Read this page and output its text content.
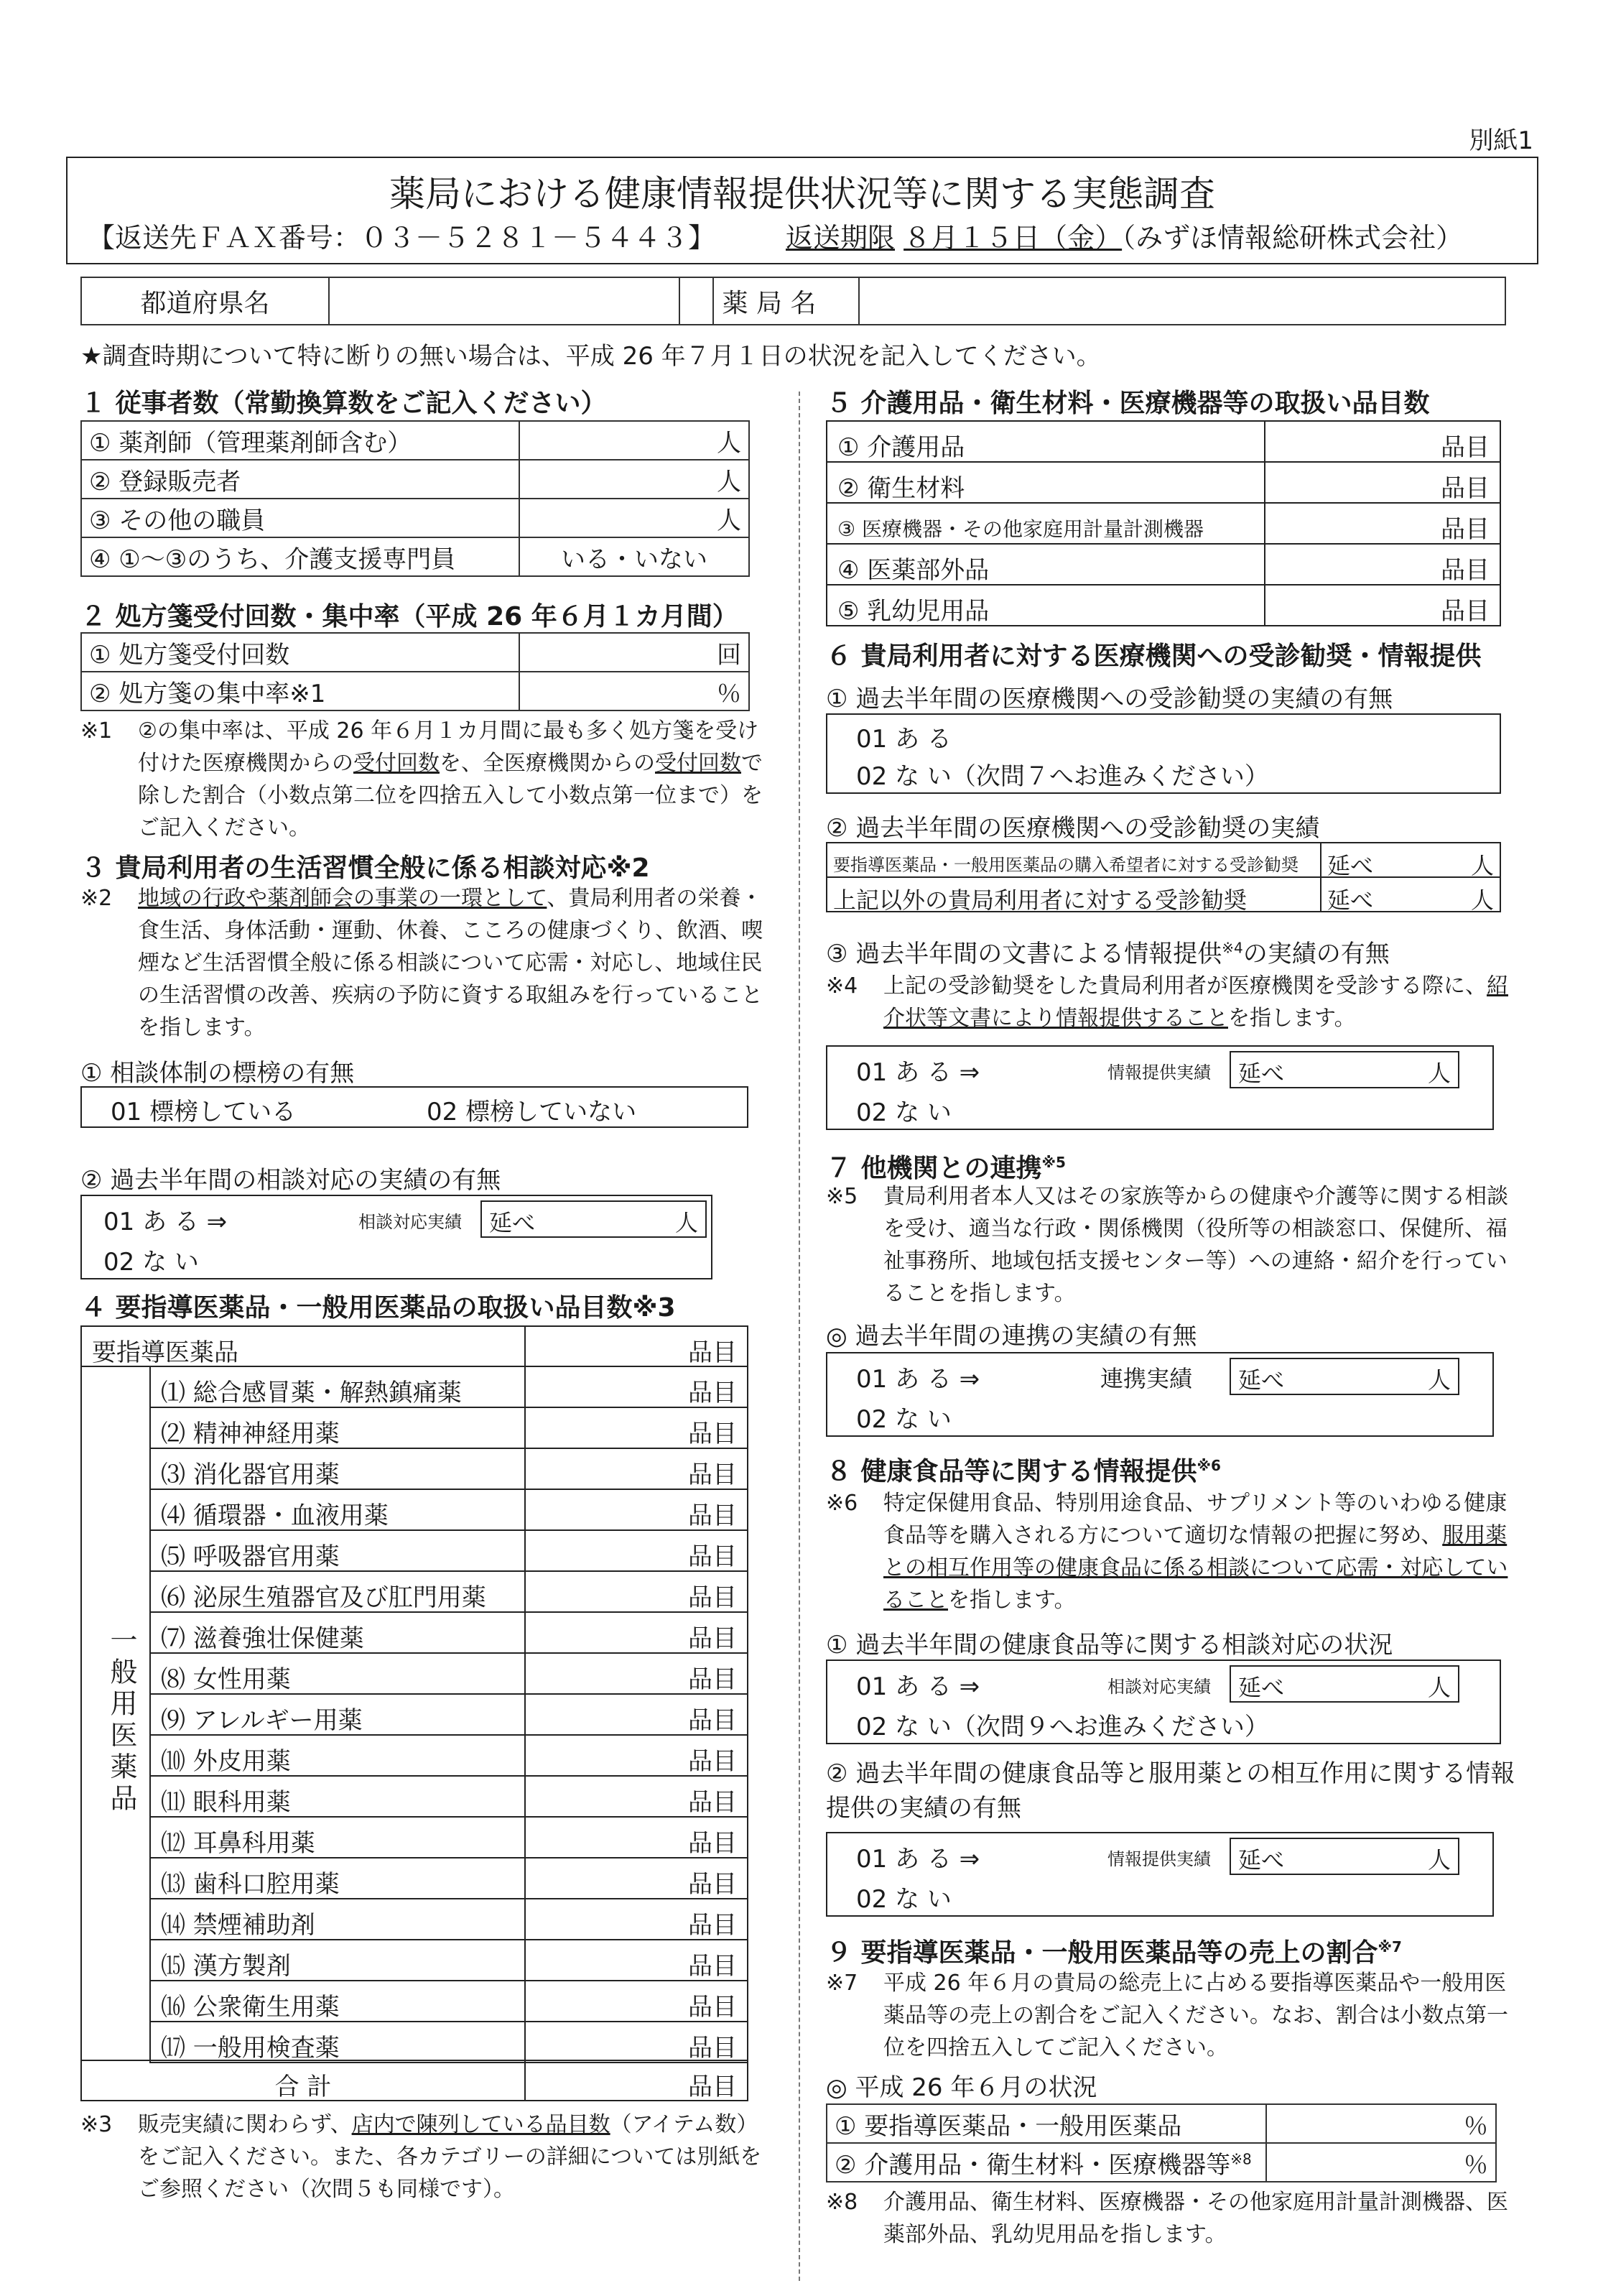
別紙1
薬局における健康情報提供状況等に関する実態調査
【返送先ＦＡＸ番号：０３－５２８１－５４４３】	返送期限 ８月１５日（金）（みずほ情報総研株式会社）
都道府県名		薬 局 名	
★調査時期について特に断りの無い場合は、平成 26 年７月１日の状況を記入してください。
１ 従事者数（常勤換算数をご記入ください）
① 薬剤師（管理薬剤師含む）	人
② 登録販売者	人
③ その他の職員	人
④ ①～③のうち、介護支援専門員	いる・いない
２ 処方箋受付回数・集中率（平成 26 年６月１カ月間）
① 処方箋受付回数	回
② 処方箋の集中率※1	％
※1 ②の集中率は、平成 26 年６月１カ月間に最も多く処方箋を受け付けた医療機関からの受付回数を、全医療機関からの受付回数で除した割合（小数点第二位を四捨五入して小数点第一位まで）をご記入ください。
３ 貴局利用者の生活習慣全般に係る相談対応※2
※2 地域の行政や薬剤師会の事業の一環として、貴局利用者の栄養・食生活、身体活動・運動、休養、こころの健康づくり、飲酒、喫煙など生活習慣全般に係る相談について応需・対応し、地域住民の生活習慣の改善、疾病の予防に資する取組みを行っていることを指します。
① 相談体制の標榜の有無
01 標榜している	02 標榜していない
② 過去半年間の相談対応の実績の有無
01 あ る ⇒	相談対応実績	延べ	人
02 な い
４ 要指導医薬品・一般用医薬品の取扱い品目数※3
要指導医薬品	品目
一般用医薬品
⑴ 総合感冒薬・解熱鎮痛薬	品目
⑵ 精神神経用薬	品目
⑶ 消化器官用薬	品目
⑷ 循環器・血液用薬	品目
⑸ 呼吸器官用薬	品目
⑹ 泌尿生殖器官及び肛門用薬	品目
⑺ 滋養強壮保健薬	品目
⑻ 女性用薬	品目
⑼ アレルギー用薬	品目
⑽ 外皮用薬	品目
⑾ 眼科用薬	品目
⑿ 耳鼻科用薬	品目
⒀ 歯科口腔用薬	品目
⒁ 禁煙補助剤	品目
⒂ 漢方製剤	品目
⒃ 公衆衛生用薬	品目
⒄ 一般用検査薬	品目
合 計	品目
※3 販売実績に関わらず、店内で陳列している品目数（アイテム数）をご記入ください。また、各カテゴリーの詳細については別紙をご参照ください（次問５も同様です）。
５ 介護用品・衛生材料・医療機器等の取扱い品目数
① 介護用品	品目
② 衛生材料	品目
③ 医療機器・その他家庭用計量計測機器	品目
④ 医薬部外品	品目
⑤ 乳幼児用品	品目
６ 貴局利用者に対する医療機関への受診勧奨・情報提供
① 過去半年間の医療機関への受診勧奨の実績の有無
01 あ る
02 な い（次問７へお進みください）
② 過去半年間の医療機関への受診勧奨の実績
要指導医薬品・一般用医薬品の購入希望者に対する受診勧奨 延べ	人
上記以外の貴局利用者に対する受診勧奨	延べ	人
③ 過去半年間の文書による情報提供$^{※4}$の実績の有無
※4 上記の受診勧奨をした貴局利用者が医療機関を受診する際に、紹介状等文書により情報提供することを指します。
01 あ る ⇒	情報提供実績	延べ	人
02 な い
７ 他機関との連携$^{※5}$
※5 貴局利用者本人又はその家族等からの健康や介護等に関する相談を受け、適当な行政・関係機関（役所等の相談窓口、保健所、福祉事務所、地域包括支援センター等）への連絡・紹介を行っていることを指します。
◎ 過去半年間の連携の実績の有無
01 あ る ⇒	連携実績	延べ	人
02 な い
８ 健康食品等に関する情報提供$^{※6}$
※6 特定保健用食品、特別用途食品、サプリメント等のいわゆる健康食品等を購入される方について適切な情報の把握に努め、服用薬との相互作用等の健康食品に係る相談について応需・対応していることを指します。
① 過去半年間の健康食品等に関する相談対応の状況
01 あ る ⇒	相談対応実績	延べ	人
02 な い（次問９へお進みください）
② 過去半年間の健康食品等と服用薬との相互作用に関する情報提供の実績の有無
01 あ る ⇒	情報提供実績	延べ	人
02 な い
９ 要指導医薬品・一般用医薬品等の売上の割合$^{※7}$
※7 平成 26 年６月の貴局の総売上に占める要指導医薬品や一般用医薬品等の売上の割合をご記入ください。なお、割合は小数点第一位を四捨五入してご記入ください。
◎ 平成 26 年６月の状況
① 要指導医薬品・一般用医薬品	％
② 介護用品・衛生材料・医療機器等$^{※8}$	％
※8 介護用品、衛生材料、医療機器・その他家庭用計量計測機器、医薬部外品、乳幼児用品を指します。
